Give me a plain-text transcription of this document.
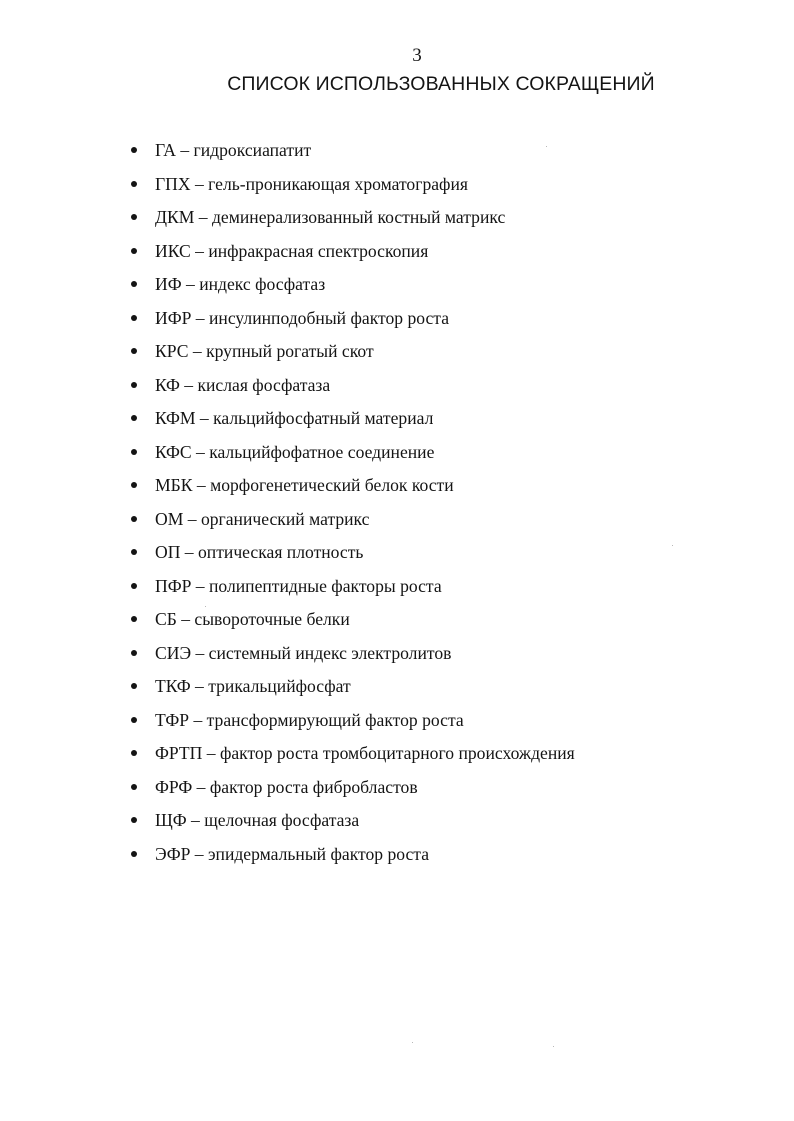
3
СПИСОК ИСПОЛЬЗОВАННЫХ СОКРАЩЕНИЙ
ГА – гидроксиапатит
ГПХ – гель-проникающая хроматография
ДКМ – деминерализованный костный матрикс
ИКС – инфракрасная спектроскопия
ИФ – индекс фосфатаз
ИФР – инсулинподобный фактор роста
КРС – крупный рогатый скот
КФ – кислая фосфатаза
КФМ – кальцийфосфатный материал
КФС – кальцийфофатное соединение
МБК – морфогенетический белок кости
ОМ – органический матрикс
ОП – оптическая плотность
ПФР – полипептидные факторы роста
СБ – сывороточные белки
СИЭ – системный индекс электролитов
ТКФ – трикальцийфосфат
ТФР – трансформирующий фактор роста
ФРТП – фактор роста тромбоцитарного происхождения
ФРФ – фактор роста фибробластов
ЩФ – щелочная фосфатаза
ЭФР – эпидермальный фактор роста
